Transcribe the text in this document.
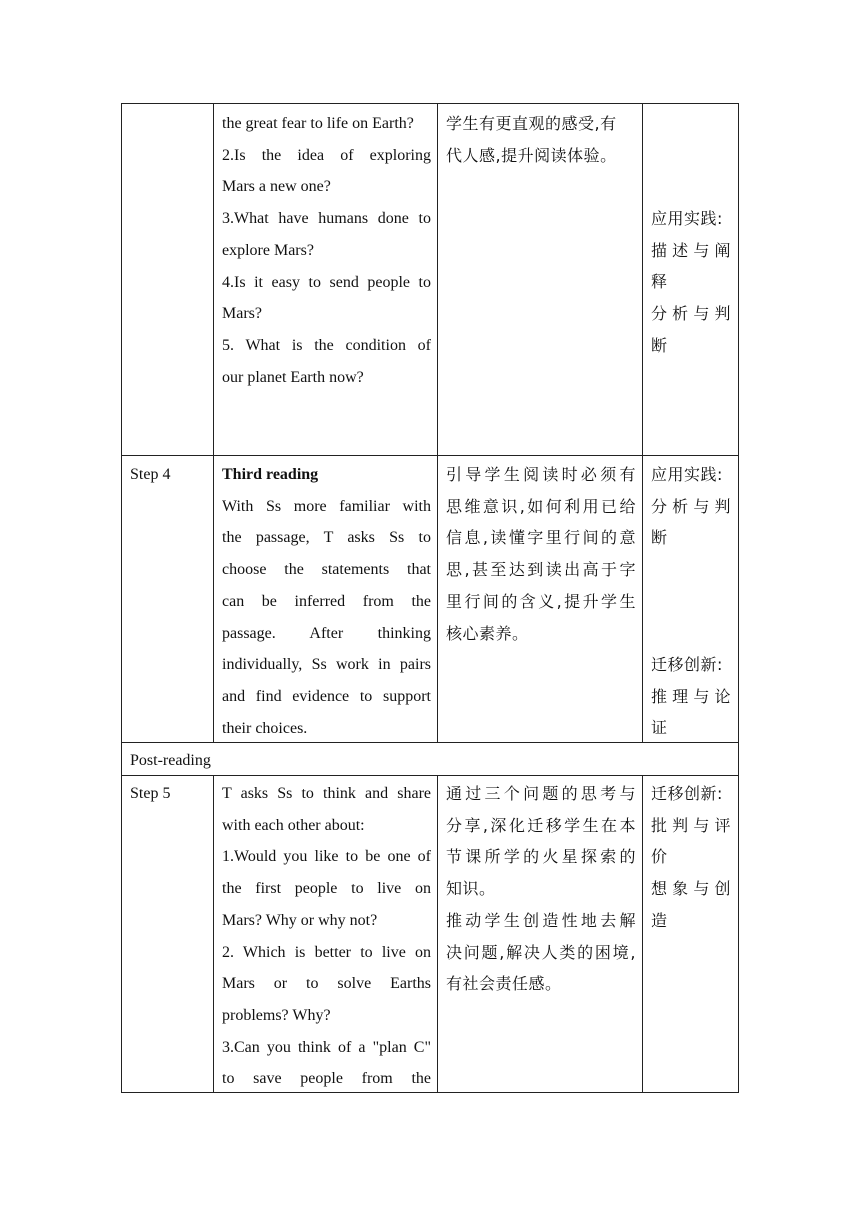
the great fear to life on Earth?
2.Is the idea of exploring
Mars a new one?
3.What have humans done to
explore Mars?
4.Is it easy to send people to
Mars?
5. What is the condition of
our planet Earth now?
学生有更直观的感受,有
代人感,提升阅读体验。
应用实践:
描述与阐
释
分析与判
断
Step 4	Third reading
With Ss more familiar with
the passage, T asks Ss to
choose the statements that
can be inferred from the
passage. After thinking
individually, Ss work in pairs
and find evidence to support
their choices.
引导学生阅读时必须有
思维意识,如何利用已给
信息,读懂字里行间的意
思,甚至达到读出高于字
里行间的含义,提升学生
核心素养。
应用实践:
分析与判
断
迁移创新:
推理与论
证
Post-reading
Step 5	T asks Ss to think and share
with each other about:
1.Would you like to be one of
the first people to live on
Mars? Why or why not?
2. Which is better to live on
Mars or to solve Earths
problems? Why?
3.Can you think of a "plan C"
to save people from the
通过三个问题的思考与
分享,深化迁移学生在本
节课所学的火星探索的
知识。
推动学生创造性地去解
决问题,解决人类的困境,
有社会责任感。
迁移创新:
批判与评
价
想象与创
造
